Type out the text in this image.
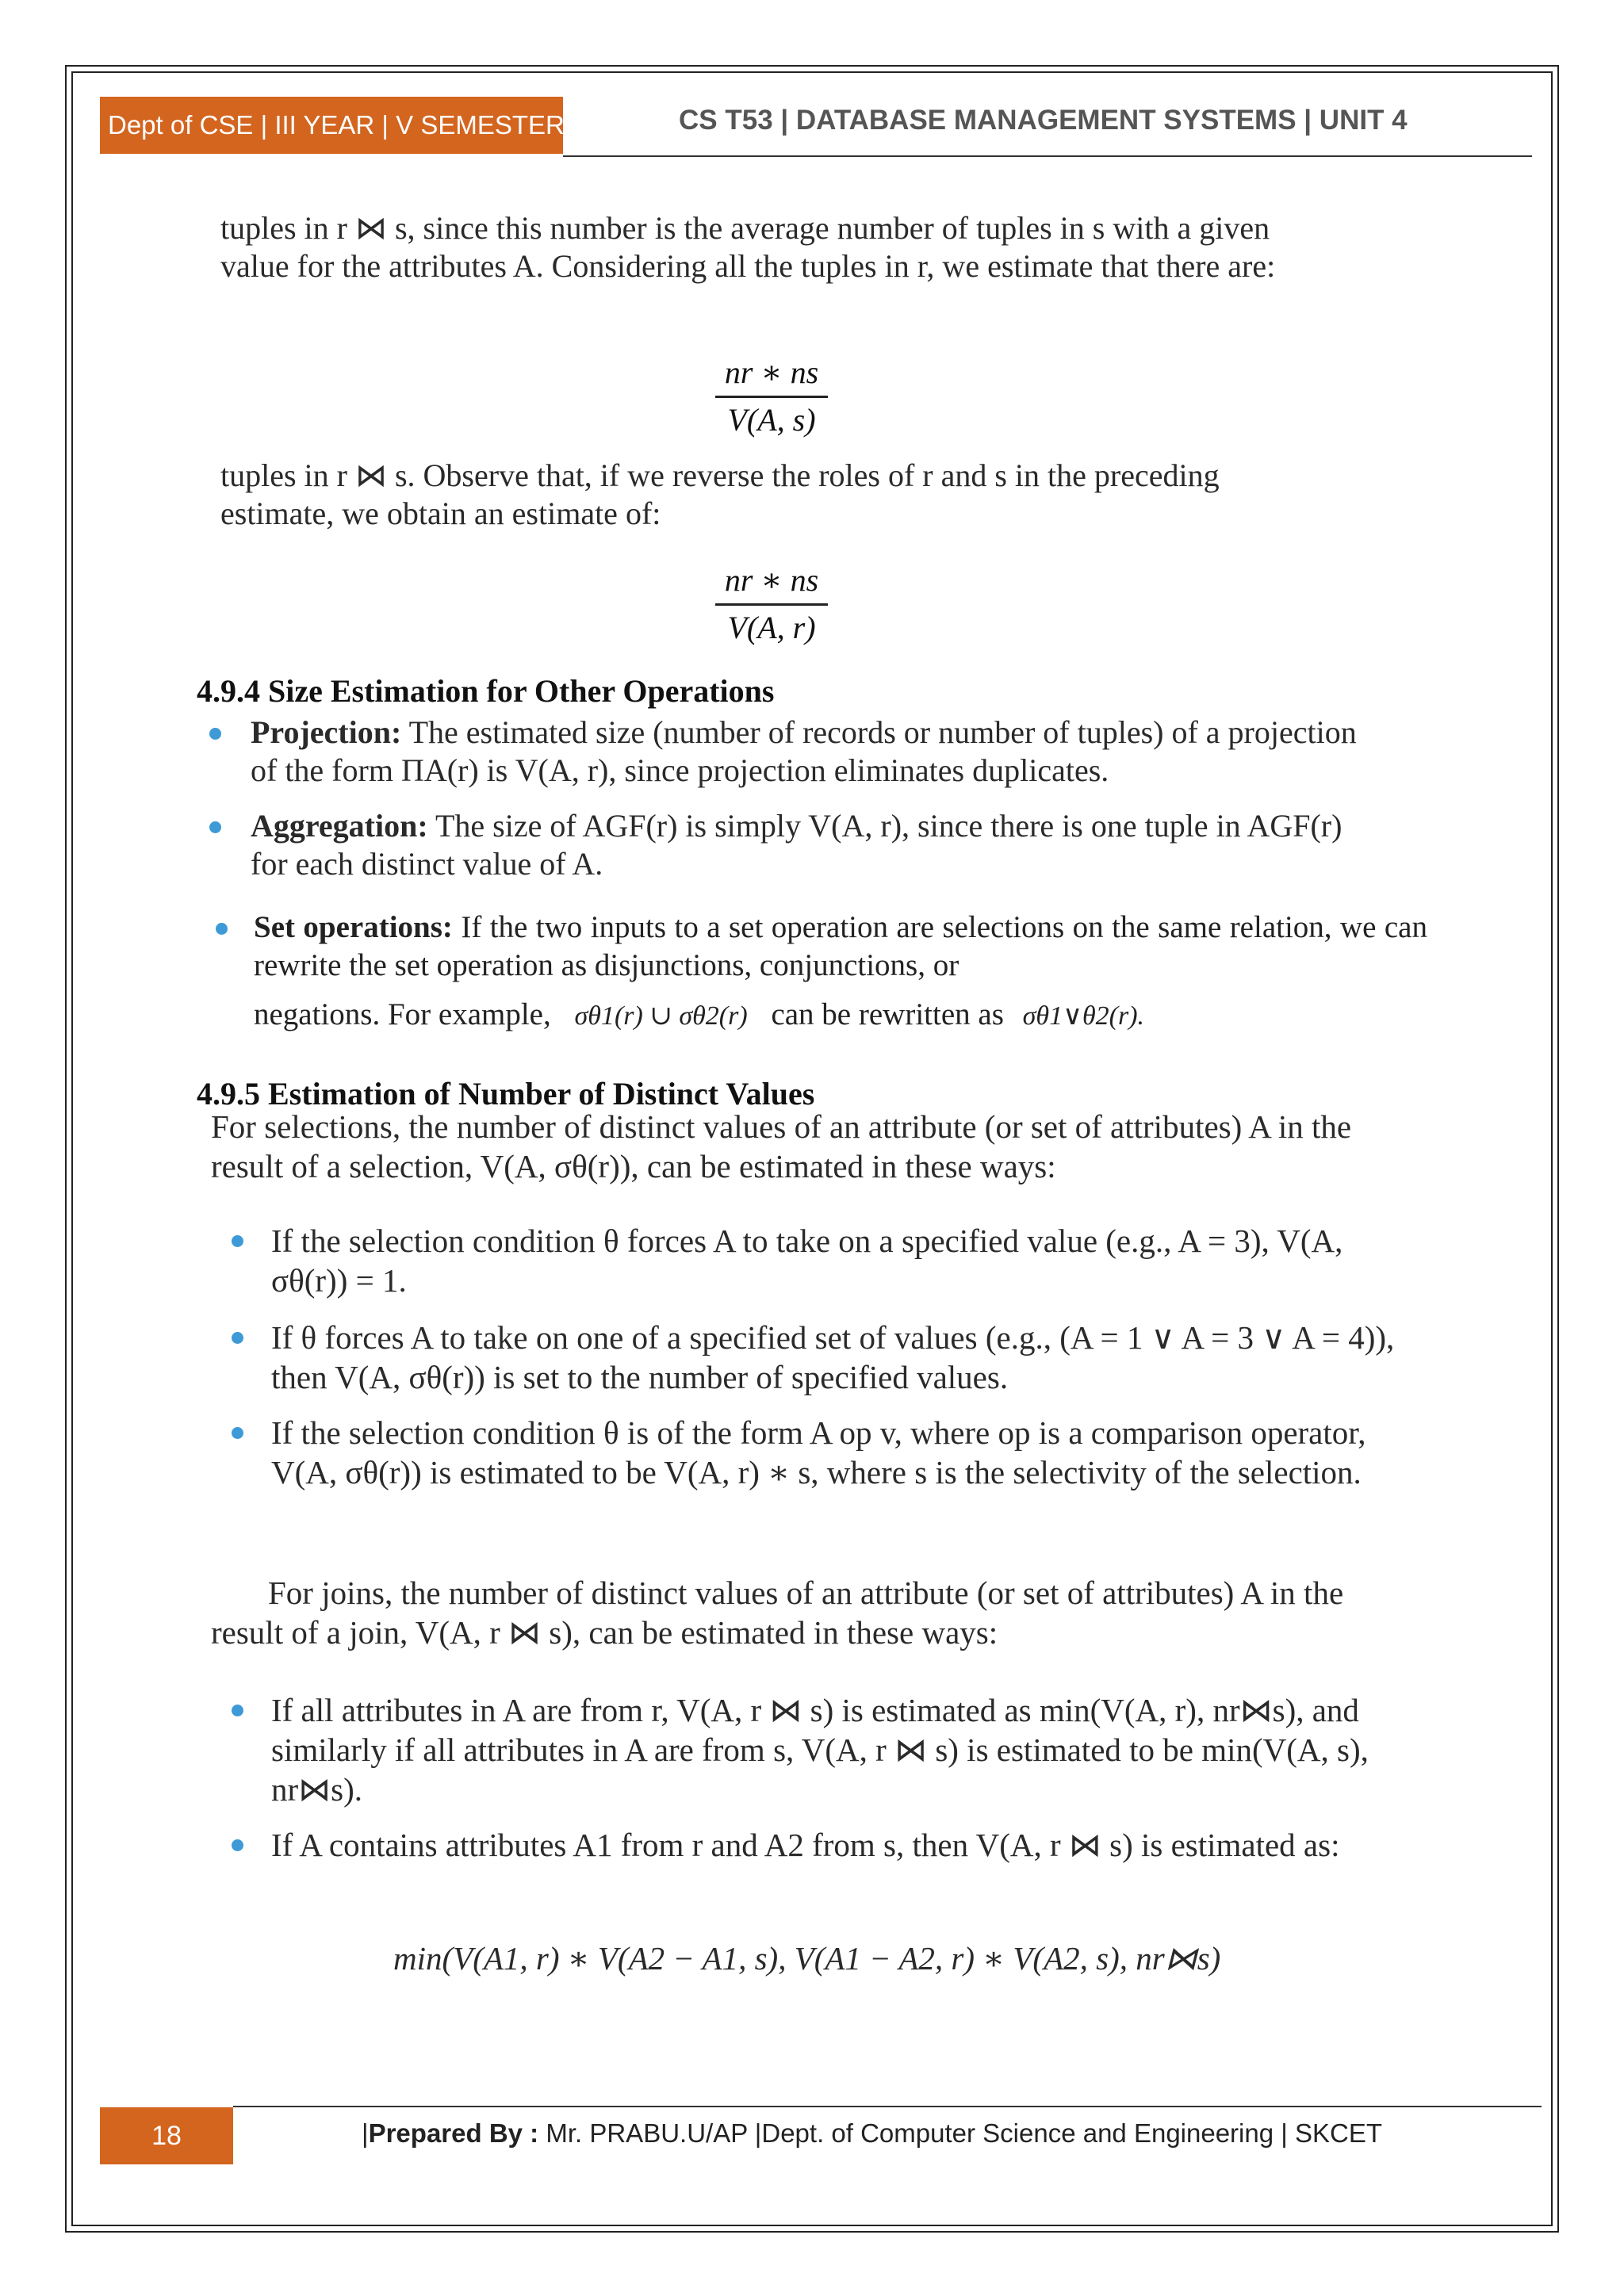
Dept of CSE | III YEAR | V SEMESTER	CS T53 | DATABASE MANAGEMENT SYSTEMS | UNIT 4
tuples in r ⋈ s, since this number is the average number of tuples in s with a given value for the attributes A. Considering all the tuples in r, we estimate that there are:
$\frac{nr ∗ ns}{V(A, s)}$
tuples in r ⋈ s. Observe that, if we reverse the roles of r and s in the preceding estimate, we obtain an estimate of:
$\frac{nr ∗ ns}{V(A, r)}$
4.9.4 Size Estimation for Other Operations
Projection: The estimated size (number of records or number of tuples) of a projection of the form ΠA(r) is V(A, r), since projection eliminates duplicates.
Aggregation: The size of AGF(r) is simply V(A, r), since there is one tuple in AGF(r) for each distinct value of A.
Set operations: If the two inputs to a set operation are selections on the same relation, we can rewrite the set operation as disjunctions, conjunctions, or
negations. For example, σθ1(r) ∪ σθ2(r) can be rewritten as σθ1∨θ2(r).
4.9.5 Estimation of Number of Distinct Values
For selections, the number of distinct values of an attribute (or set of attributes) A in the result of a selection, V(A, σθ(r)), can be estimated in these ways:
If the selection condition θ forces A to take on a specified value (e.g., A = 3), V(A, σθ(r)) = 1.
If θ forces A to take on one of a specified set of values (e.g., (A = 1 ∨ A = 3 ∨ A = 4)), then V(A, σθ(r)) is set to the number of specified values.
If the selection condition θ is of the form A op v, where op is a comparison operator, V(A, σθ(r)) is estimated to be V(A, r) ∗ s, where s is the selectivity of the selection.
For joins, the number of distinct values of an attribute (or set of attributes) A in the result of a join, V(A, r ⋈ s), can be estimated in these ways:
If all attributes in A are from r, V(A, r ⋈ s) is estimated as min(V(A, r), nr⋈s), and similarly if all attributes in A are from s, V(A, r ⋈ s) is estimated to be min(V(A, s), nr⋈s).
If A contains attributes A1 from r and A2 from s, then V(A, r ⋈ s) is estimated as:
min(V(A1, r) ∗ V(A2 − A1, s), V(A1 − A2, r) ∗ V(A2, s), nr⋈s)
18	|Prepared By : Mr. PRABU.U/AP |Dept. of Computer Science and Engineering | SKCET
